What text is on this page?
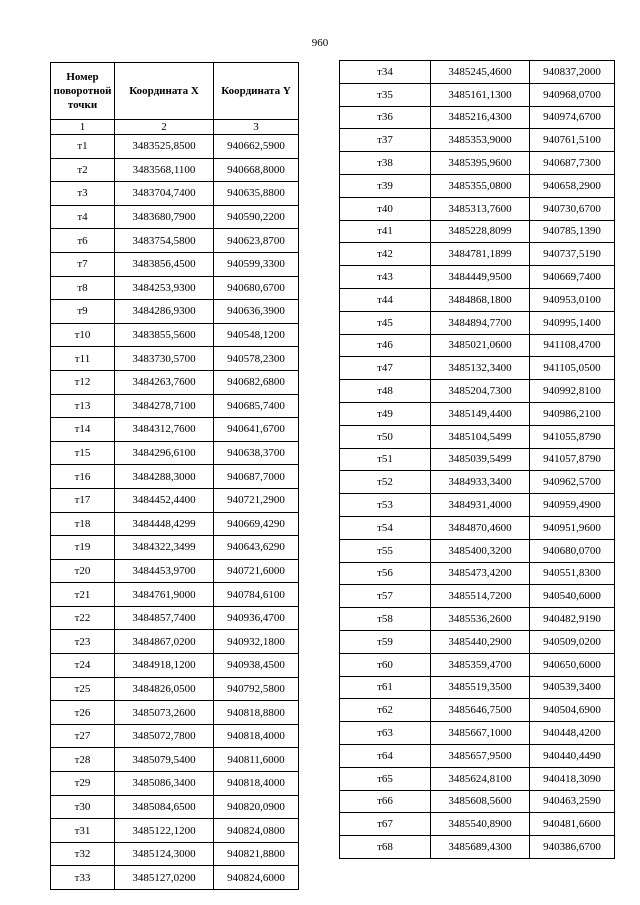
960
Номер
поворотной
точки	Координата X	Координата Y
1	2	3
т1	3483525,8500	940662,5900
т2	3483568,1100	940668,8000
т3	3483704,7400	940635,8800
т4	3483680,7900	940590,2200
т6	3483754,5800	940623,8700
т7	3483856,4500	940599,3300
т8	3484253,9300	940680,6700
т9	3484286,9300	940636,3900
т10	3483855,5600	940548,1200
т11	3483730,5700	940578,2300
т12	3484263,7600	940682,6800
т13	3484278,7100	940685,7400
т14	3484312,7600	940641,6700
т15	3484296,6100	940638,3700
т16	3484288,3000	940687,7000
т17	3484452,4400	940721,2900
т18	3484448,4299	940669,4290
т19	3484322,3499	940643,6290
т20	3484453,9700	940721,6000
т21	3484761,9000	940784,6100
т22	3484857,7400	940936,4700
т23	3484867,0200	940932,1800
т24	3484918,1200	940938,4500
т25	3484826,0500	940792,5800
т26	3485073,2600	940818,8800
т27	3485072,7800	940818,4000
т28	3485079,5400	940811,6000
т29	3485086,3400	940818,4000
т30	3485084,6500	940820,0900
т31	3485122,1200	940824,0800
т32	3485124,3000	940821,8800
т33	3485127,0200	940824,6000
т34	3485245,4600	940837,2000
т35	3485161,1300	940968,0700
т36	3485216,4300	940974,6700
т37	3485353,9000	940761,5100
т38	3485395,9600	940687,7300
т39	3485355,0800	940658,2900
т40	3485313,7600	940730,6700
т41	3485228,8099	940785,1390
т42	3484781,1899	940737,5190
т43	3484449,9500	940669,7400
т44	3484868,1800	940953,0100
т45	3484894,7700	940995,1400
т46	3485021,0600	941108,4700
т47	3485132,3400	941105,0500
т48	3485204,7300	940992,8100
т49	3485149,4400	940986,2100
т50	3485104,5499	941055,8790
т51	3485039,5499	941057,8790
т52	3484933,3400	940962,5700
т53	3484931,4000	940959,4900
т54	3484870,4600	940951,9600
т55	3485400,3200	940680,0700
т56	3485473,4200	940551,8300
т57	3485514,7200	940540,6000
т58	3485536,2600	940482,9190
т59	3485440,2900	940509,0200
т60	3485359,4700	940650,6000
т61	3485519,3500	940539,3400
т62	3485646,7500	940504,6900
т63	3485667,1000	940448,4200
т64	3485657,9500	940440,4490
т65	3485624,8100	940418,3090
т66	3485608,5600	940463,2590
т67	3485540,8900	940481,6600
т68	3485689,4300	940386,6700
